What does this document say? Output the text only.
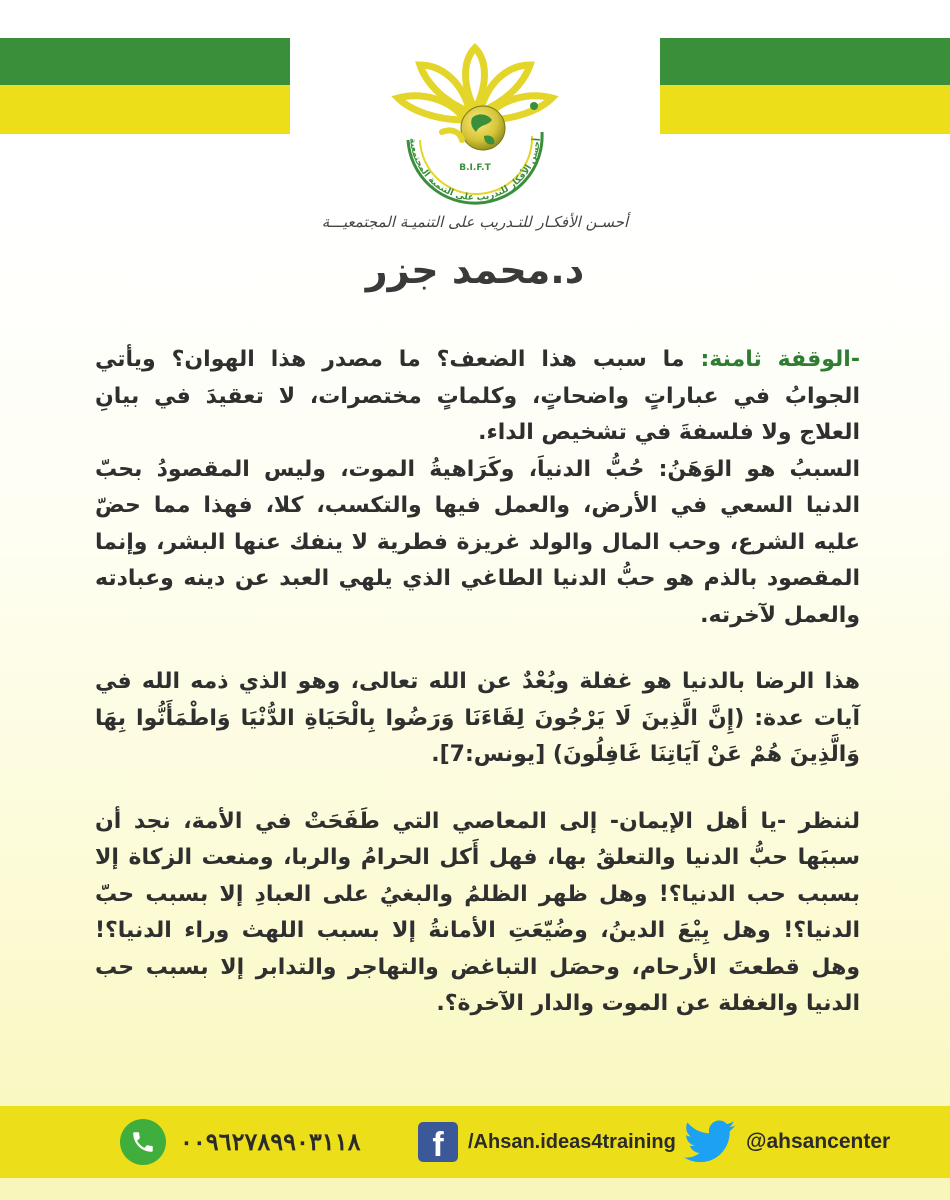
B.I.F.T
أحسن الأفكار للتدريب على التنمية المجتمعية
أحسـن الأفكـار للتـدريب على التنميـة المجتمعيـــة
د.محمد جزر

-الوقفة ثامنة: ما سبب هذا الضعف؟ ما مصدر هذا الهوان؟ ويأتي الجوابُ في عباراتٍ واضحاتٍ، وكلماتٍ مختصرات، لا تعقيدَ في بيانِ العلاج ولا فلسفةَ في تشخيص الداء.

السببُ هو الوَهَنُ: حُبُّ الدنياَ، وكَرَاهيةُ الموت، وليس المقصودُ بحبّ الدنيا السعي في الأرض، والعمل فيها والتكسب، كلا، فهذا مما حضّ عليه الشرع، وحب المال والولد غريزة فطرية لا ينفك عنها البشر، وإنما المقصود بالذم هو حبُّ الدنيا الطاغي الذي يلهي العبد عن دينه وعبادته والعمل لآخرته.

هذا الرضا بالدنيا هو غفلة وبُعْدٌ عن الله تعالى، وهو الذي ذمه الله في آيات عدة: (إِنَّ الَّذِينَ لَا يَرْجُونَ لِقَاءَنَا وَرَضُوا بِالْحَيَاةِ الدُّنْيَا وَاطْمَأَنُّوا بِهَا وَالَّذِينَ هُمْ عَنْ آيَاتِنَا غَافِلُونَ) [يونس:7].

لننظر -يا أهل الإيمان- إلى المعاصي التي طَفَحَتْ في الأمة، نجد أن سببَها حبُّ الدنيا والتعلقُ بها، فهل أَكل الحرامُ والربا، ومنعت الزكاة إلا بسبب حب الدنيا؟! وهل ظهر الظلمُ والبغيُ على العبادِ إلا بسبب حبّ الدنيا؟! وهل بِيْعَ الدينُ، وضُيّعَتِ الأمانةُ إلا بسبب اللهث وراء الدنيا؟! وهل قطعتَ الأرحام، وحصَل التباغض والتهاجر والتدابر إلا بسبب حب الدنيا والغفلة عن الموت والدار الآخرة؟.

٠٠٩٦٢٧٨٩٩٠٣١١٨	f	/Ahsan.ideas4training	@ahsancenter
